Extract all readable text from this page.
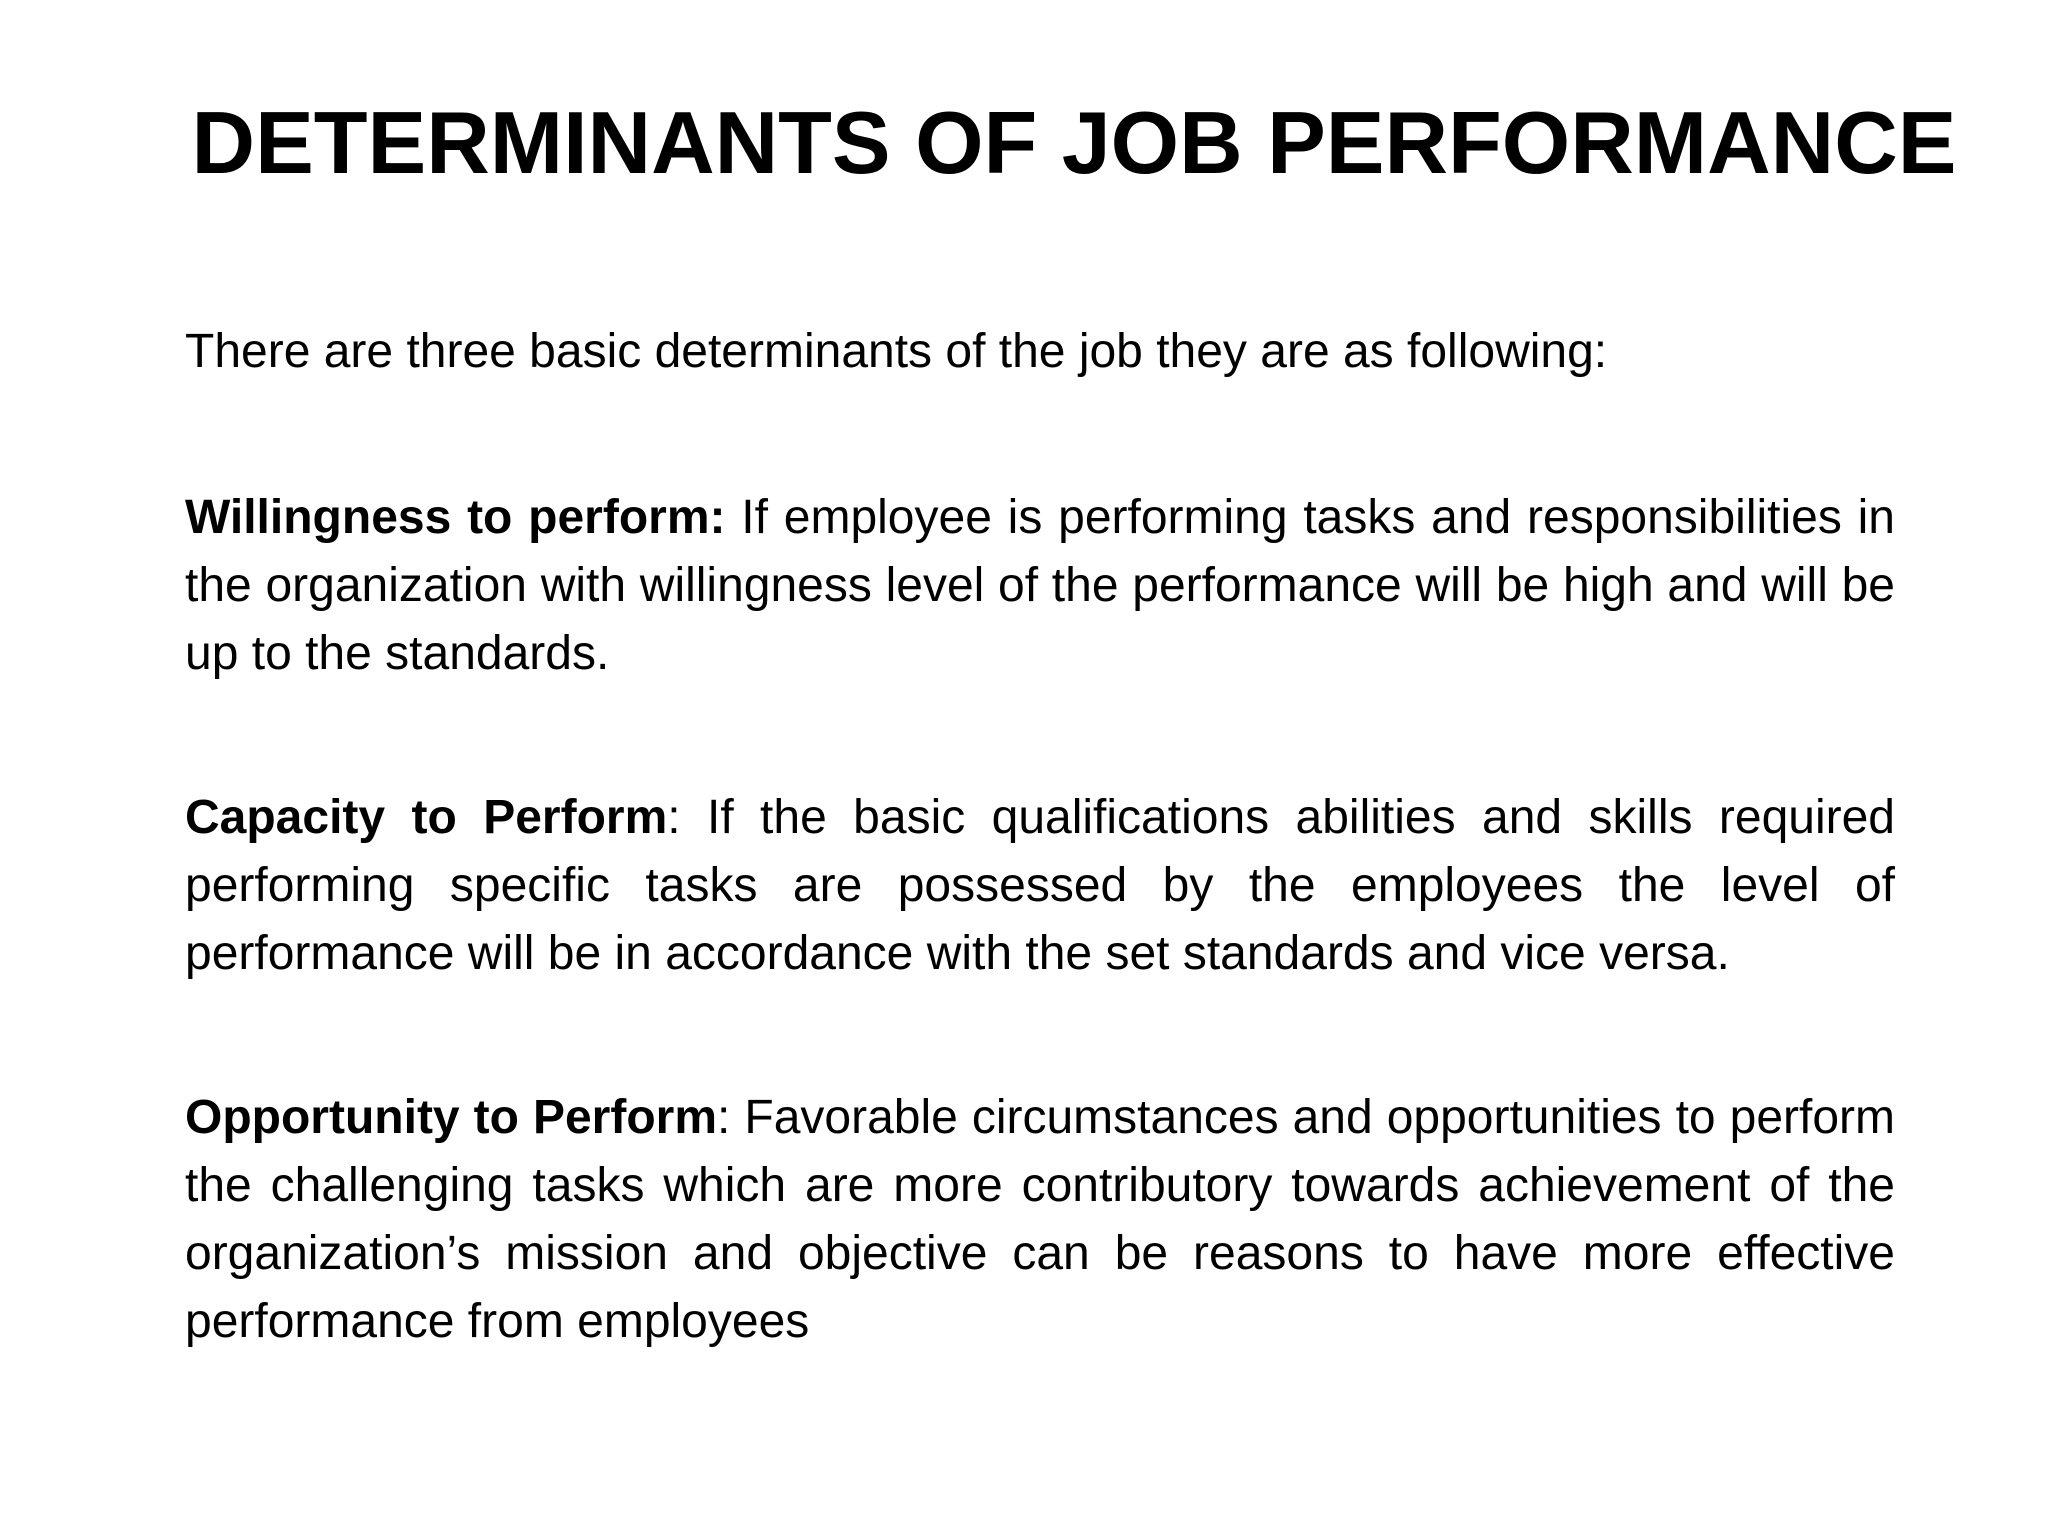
DETERMINANTS OF JOB PERFORMANCE

There are three basic determinants of the job they are as following:

Willingness to perform: If employee is performing tasks and responsibilities in the organization with willingness level of the performance will be high and will be up to the standards.

Capacity to Perform: If the basic qualifications abilities and skills required performing specific tasks are possessed by the employees the level of performance will be in accordance with the set standards and vice versa.

Opportunity to Perform: Favorable circumstances and opportunities to perform the challenging tasks which are more contributory towards achievement of the organization’s mission and objective can be reasons to have more effective performance from employees
